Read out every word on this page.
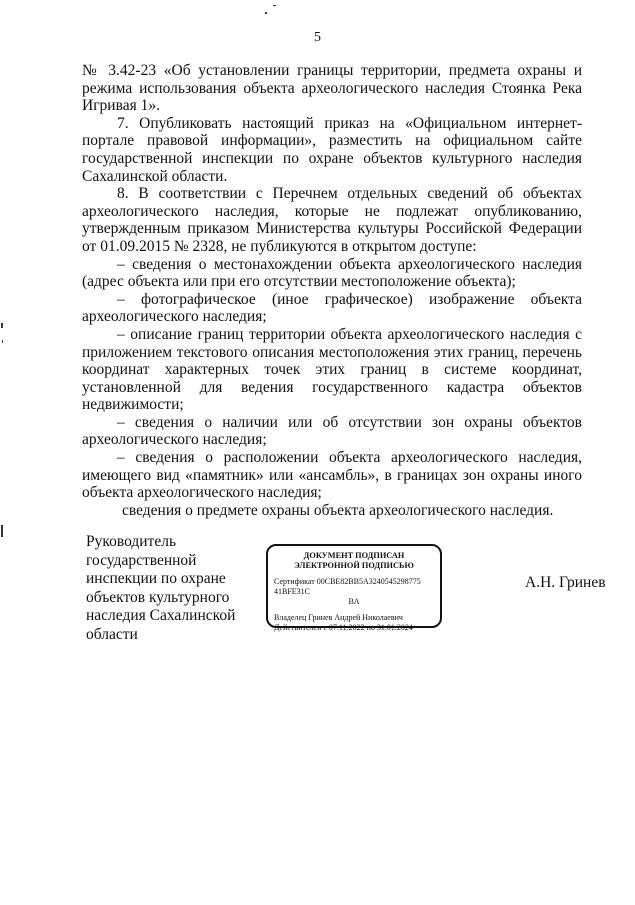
5

№ 3.42-23 «Об установлении границы территории, предмета охраны и режима использования объекта археологического наследия Стоянка Река Игривая 1».

7. Опубликовать настоящий приказ на «Официальном интернет-портале правовой информации», разместить на официальном сайте государственной инспекции по охране объектов культурного наследия Сахалинской области.

8. В соответствии с Перечнем отдельных сведений об объектах археологического наследия, которые не подлежат опубликованию, утвержденным приказом Министерства культуры Российской Федерации от 01.09.2015 № 2328, не публикуются в открытом доступе:

– сведения о местонахождении объекта археологического наследия (адрес объекта или при его отсутствии местоположение объекта);

– фотографическое (иное графическое) изображение объекта археологического наследия;

– описание границ территории объекта археологического наследия с приложением текстового описания местоположения этих границ, перечень координат характерных точек этих границ в системе координат, установленной для ведения государственного кадастра объектов недвижимости;

– сведения о наличии или об отсутствии зон охраны объектов археологического наследия;

– сведения о расположении объекта археологического наследия, имеющего вид «памятник» или «ансамбль», в границах зон охраны иного объекта археологического наследия;

сведения о предмете охраны объекта археологического наследия.

Руководитель
государственной
инспекции по охране
объектов культурного
наследия Сахалинской
области
ДОКУМЕНТ ПОДПИСАН
ЭЛЕКТРОННОЙ ПОДПИСЬЮ
Сертификат 00CBE82BB5A3240545298775 41BFE31C
BA
Владелец Гринев Андрей Николаевич
Действителен с 07.11.2022 по 31.01.2024
А.Н. Гринев
